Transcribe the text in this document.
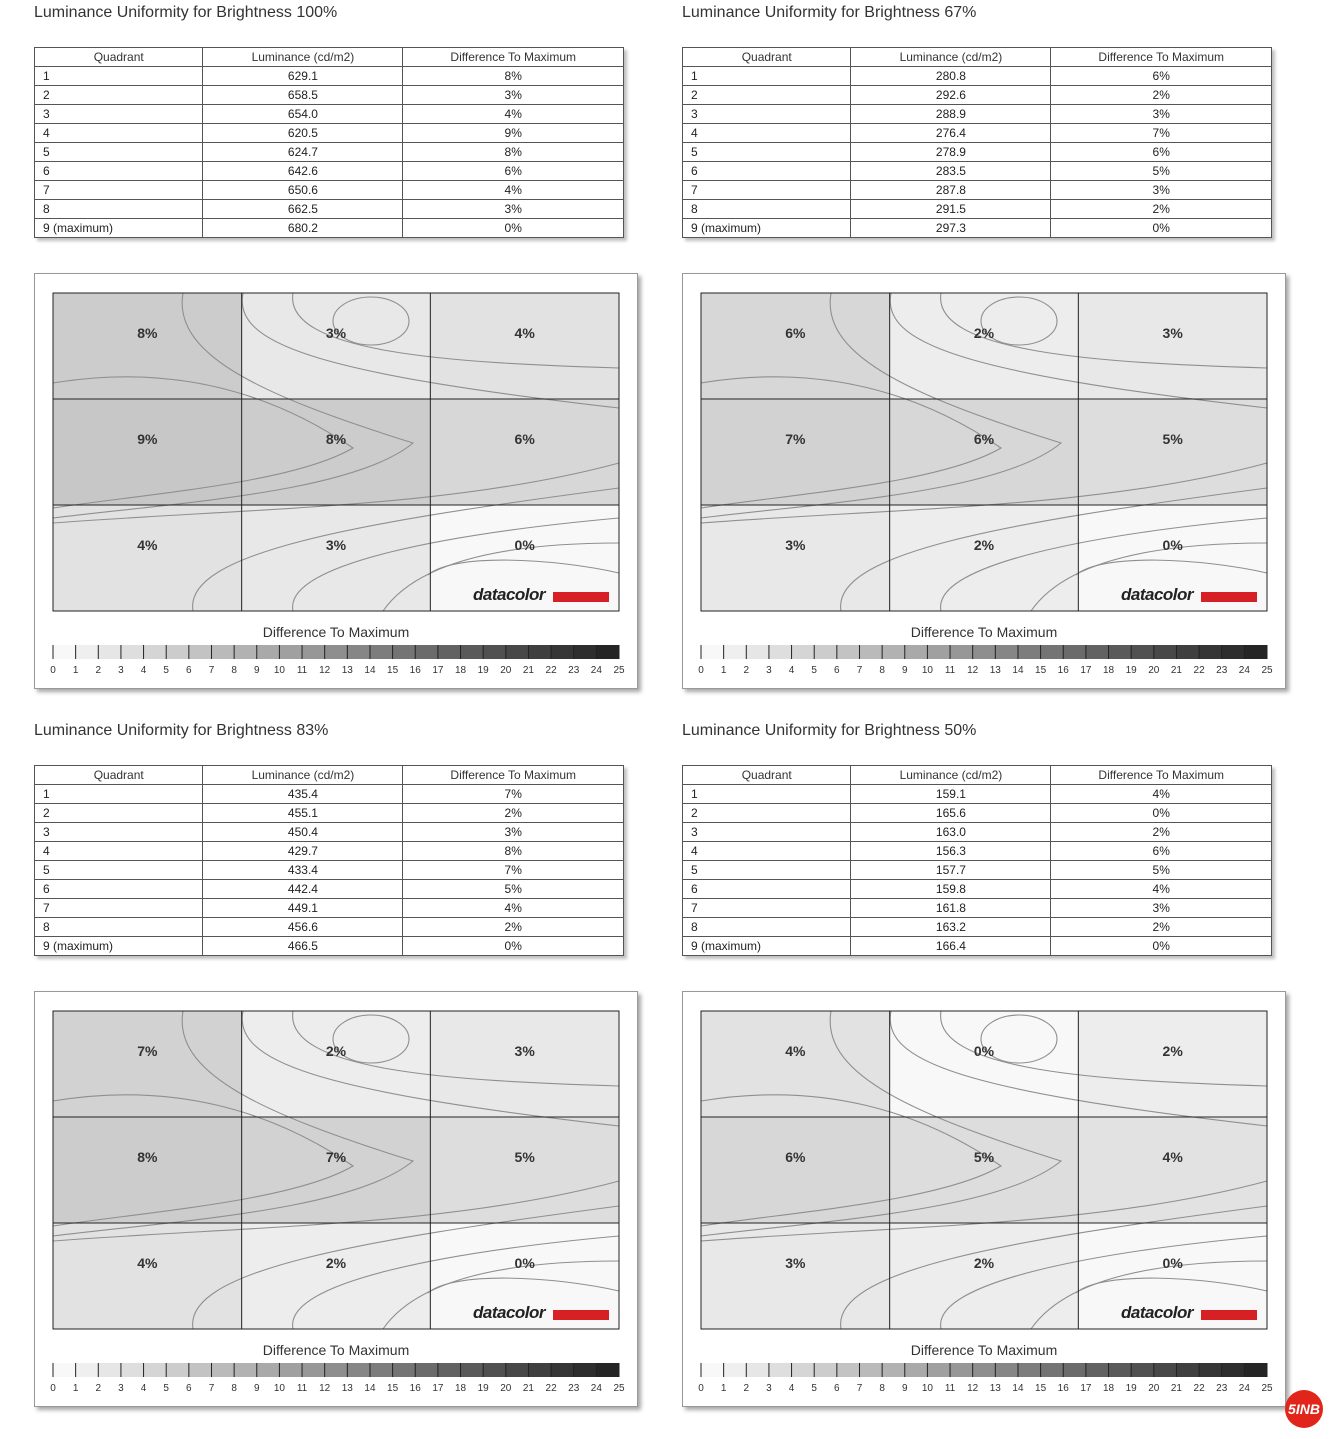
Luminance Uniformity for Brightness 100%
Quadrant	Luminance (cd/m2)	Difference To Maximum
1	629.1	8%
2	658.5	3%
3	654.0	4%
4	620.5	9%
5	624.7	8%
6	642.6	6%
7	650.6	4%
8	662.5	3%
9 (maximum)	680.2	0%
8%	3%	4%
9%	8%	6%
4%	3%	0%
0 1 2 3 4 5 6 7 8 9 10 11 12 13 14 15 16 17 18 19 20 21 22 23 24 25
Difference To Maximum
datacolor
Luminance Uniformity for Brightness 67%
Quadrant	Luminance (cd/m2)	Difference To Maximum
1	280.8	6%
2	292.6	2%
3	288.9	3%
4	276.4	7%
5	278.9	6%
6	283.5	5%
7	287.8	3%
8	291.5	2%
9 (maximum)	297.3	0%
6%	2%	3%
7%	6%	5%
3%	2%	0%
0 1 2 3 4 5 6 7 8 9 10 11 12 13 14 15 16 17 18 19 20 21 22 23 24 25
Difference To Maximum
datacolor
Luminance Uniformity for Brightness 83%
Quadrant	Luminance (cd/m2)	Difference To Maximum
1	435.4	7%
2	455.1	2%
3	450.4	3%
4	429.7	8%
5	433.4	7%
6	442.4	5%
7	449.1	4%
8	456.6	2%
9 (maximum)	466.5	0%
7%	2%	3%
8%	7%	5%
4%	2%	0%
0 1 2 3 4 5 6 7 8 9 10 11 12 13 14 15 16 17 18 19 20 21 22 23 24 25
Difference To Maximum
datacolor
Luminance Uniformity for Brightness 50%
Quadrant	Luminance (cd/m2)	Difference To Maximum
1	159.1	4%
2	165.6	0%
3	163.0	2%
4	156.3	6%
5	157.7	5%
6	159.8	4%
7	161.8	3%
8	163.2	2%
9 (maximum)	166.4	0%
4%	0%	2%
6%	5%	4%
3%	2%	0%
0 1 2 3 4 5 6 7 8 9 10 11 12 13 14 15 16 17 18 19 20 21 22 23 24 25
Difference To Maximum
datacolor
5INB
